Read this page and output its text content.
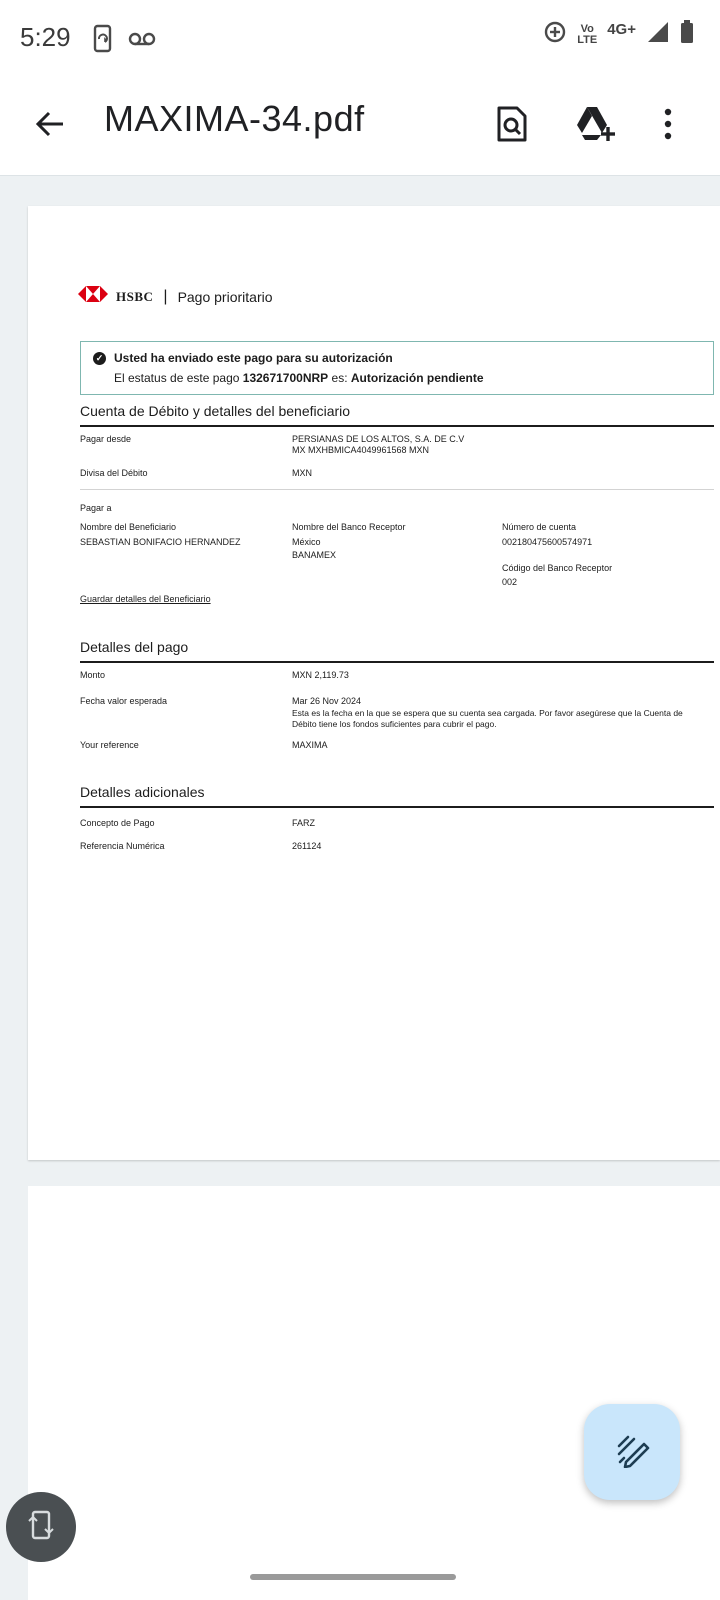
5:29	Vo
LTE
4G+
MAXIMA-34.pdf
HSBC | Pago prioritario
✓ Usted ha enviado este pago para su autorización
El estatus de este pago 132671700NRP es: Autorización pendiente
Cuenta de Débito y detalles del beneficiario
Pagar desde	PERSIANAS DE LOS ALTOS, S.A. DE C.V
MX MXHBMICA4049961568 MXN
Divisa del Débito	MXN
Pagar a
Nombre del Beneficiario	Nombre del Banco Receptor	Número de cuenta
SEBASTIAN BONIFACIO HERNANDEZ	México	002180475600574971
BANAMEX
Código del Banco Receptor
002
Guardar detalles del Beneficiario
Detalles del pago
Monto	MXN 2,119.73
Fecha valor esperada	Mar 26 Nov 2024
Esta es la fecha en la que se espera que su cuenta sea cargada. Por favor asegúrese que la Cuenta de
Débito tiene los fondos suficientes para cubrir el pago.
Your reference	MAXIMA
Detalles adicionales
Concepto de Pago	FARZ
Referencia Numérica	261124
